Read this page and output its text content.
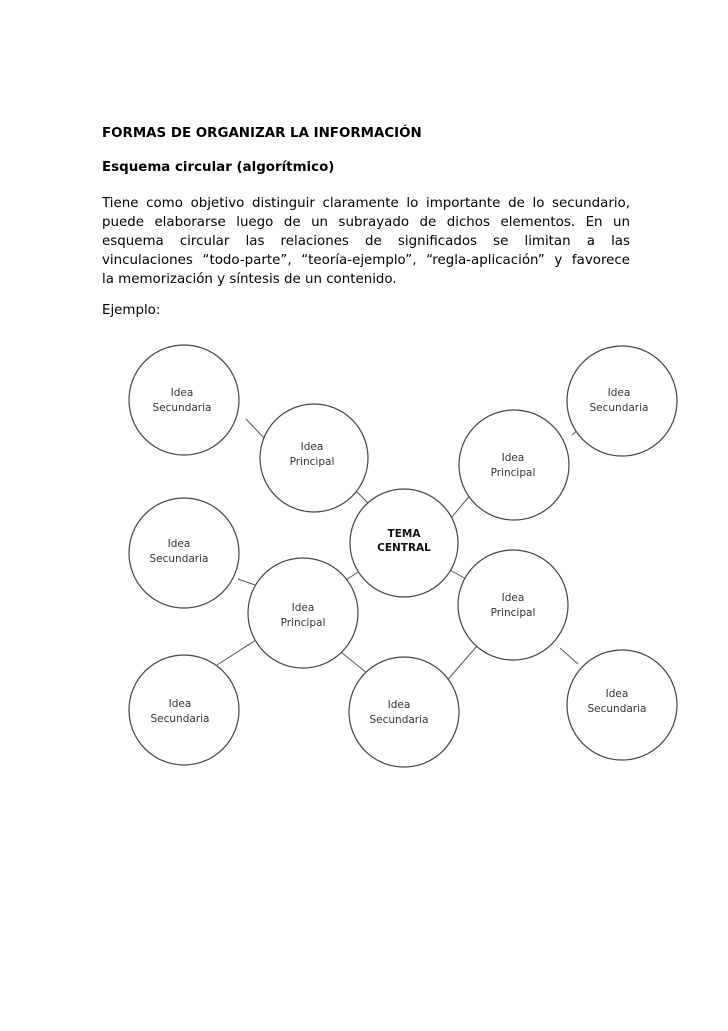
FORMAS DE ORGANIZAR LA INFORMACIÓN
Esquema circular (algorítmico)
Tiene como objetivo distinguir claramente lo importante de lo secundario,
puede elaborarse luego de un subrayado de dichos elementos. En un
esquema circular las relaciones de significados se limitan a las
vinculaciones “todo-parte”, “teoría-ejemplo”, “regla-aplicación” y favorece
la memorización y síntesis de un contenido.
Ejemplo:
Idea
Secundaria
Idea
Principal	Idea
Principal
Idea
Secundaria
TEMA
CENTRAL
Idea
Secundaria
Idea
Principal
Idea
Principal
Idea
Secundaria
Idea
Secundaria
Idea
Secundaria
